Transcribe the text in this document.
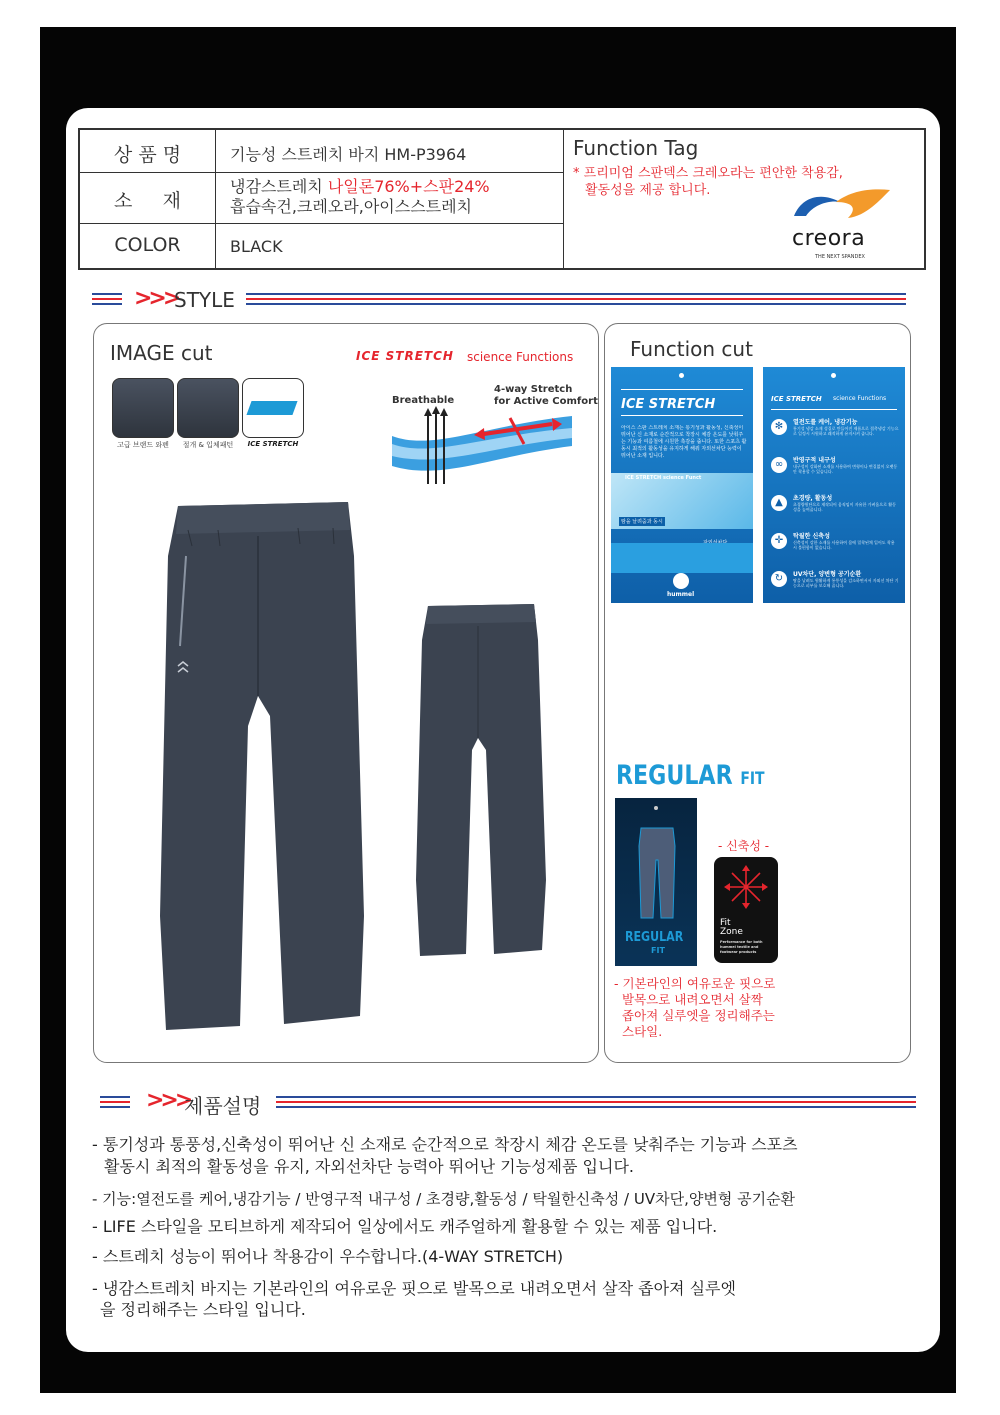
상 품 명	기능성 스트레치 바지 HM-P3964
소     재
냉감스트레치 나일론76%+스판24%
흡습속건,크레오라,아이스스트레치
COLOR	BLACK
Function Tag
* 프리미엄 스판덱스 크레오라는 편안한 착용감,
활동성을 제공 합니다.
creora
THE NEXT SPANDEX
>>>
STYLE
IMAGE cut	ICE STRETCH science Functions
고급 브랜드 와펜	절개 & 입체패턴	ICE STRETCH
Breathable
4-way Stretch
for Active Comfort
Function cut
ICE STRETCH
아이스 스판 스트레치 소재는 통기성과 활동성, 신축성이 뛰어난 신 소재로 순간적으로 착장시 체감 온도를 낮춰주는 기능과 여름철에 시원한 촉감을 줍니다. 또한 스포츠 활동시 최적의 활동성을 유지하게 해줘 자외선차단 능력이 뛰어난 소재 입니다.
ICE STRETCH science Funct
땀을 날려줌과 동시
hummel
ICE STRETCH science Functions
✻	열전도를 케어, 냉감기능
통기성 냉감 소재 성질로 만들어진 제품으로 접촉냉감 기능으로 일정시 시원하고 쾌적하게 유지시켜 줍니다.
∞	반영구적 내구성
내구성이 강화된 소재를 사용하여 변형이나 변질없이 오랫동안 착용할 수 있습니다.
▲	초경량, 활동성
초경량원단으로 제작되어 움직임이 자유한 가벼움으로 활동성을 높여줍니다.
✛	탁월한 신축성
신축성이 강한 소재를 사용하여 몸에 밀착된채 입어도 착용 시 불편함이 없습니다.
↻	UV차단, 양변형 공기순환
땀을 날려도 원활하게 통풍성을 감소하면서서 자외선 차단 기능으로 피부를 보호해 줍니다.
REGULAR FIT
REGULAR
FIT
- 신축성 -
Fit
Zone
Performance for both hummel textile and footwear products
- 기본라인의 여유로운 핏으로
발목으로 내려오면서 살짝
좁아져 실루엣을 정리해주는
스타일.
>>>
제품설명
- 통기성과 통풍성,신축성이 뛰어난 신 소재로 순간적으로 착장시 체감 온도를 낮춰주는 기능과 스포츠
활동시 최적의 활동성을 유지, 자외선차단 능력아 뛰어난 기능성제품 입니다.
- 기능:열전도를 케어,냉감기능 / 반영구적 내구성 / 초경량,활동성 / 탁월한신축성 / UV차단,양변형 공기순환
- LIFE 스타일을 모티브하게 제작되어 일상에서도 캐주얼하게 활용할 수 있는 제품 입니다.
- 스트레치 성능이 뛰어나 착용감이 우수합니다.(4-WAY STRETCH)
- 냉감스트레치 바지는 기본라인의 여유로운 핏으로 발목으로 내려오면서 살작 좁아져 실루엣
을 정리해주는 스타일 입니다.
